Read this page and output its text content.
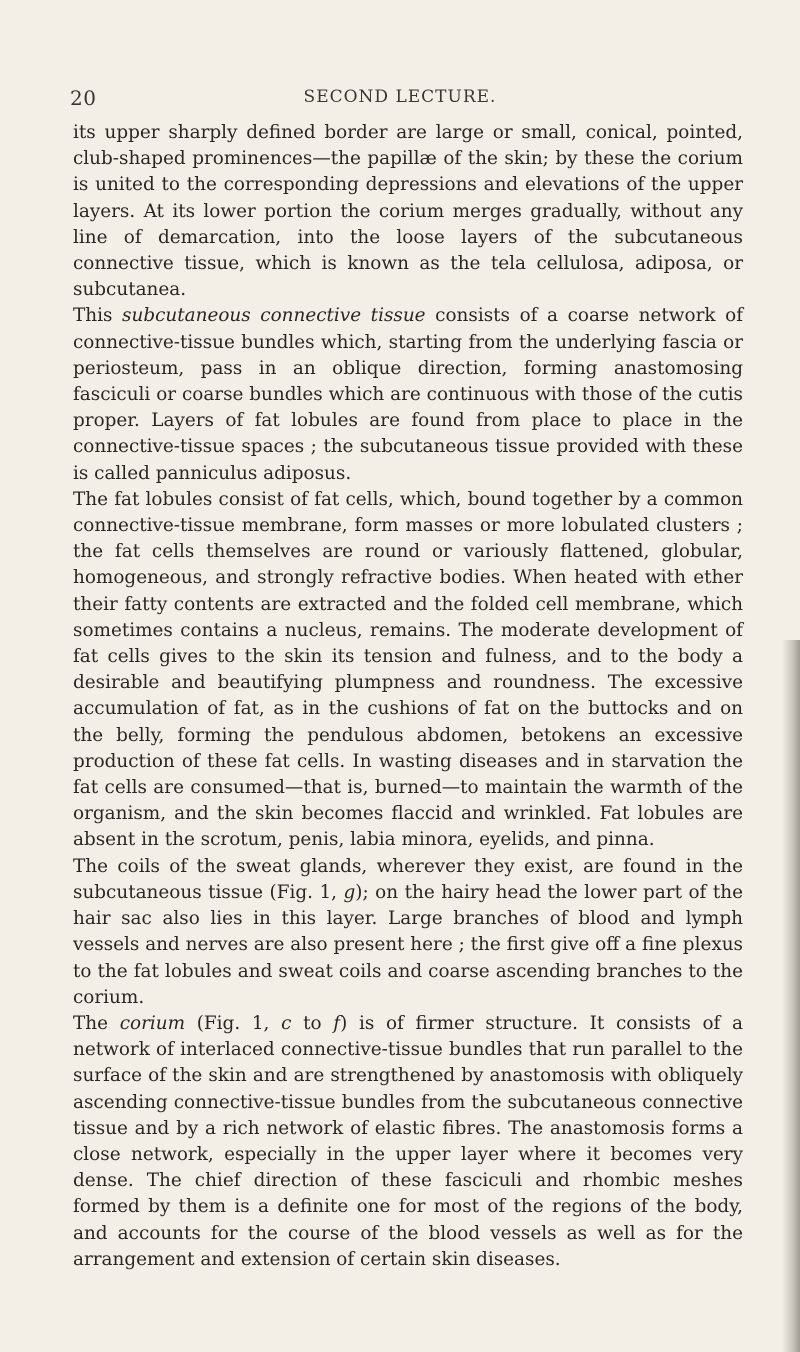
20	SECOND LECTURE.

its upper sharply defined border are large or small, conical, pointed, club-shaped prominences—the papillæ of the skin; by these the corium is united to the corresponding depressions and elevations of the upper layers. At its lower portion the corium merges gradually, without any line of demarcation, into the loose layers of the subcutaneous connective tissue, which is known as the tela cellulosa, adiposa, or subcutanea.

This subcutaneous connective tissue consists of a coarse network of connective-tissue bundles which, starting from the underlying fascia or periosteum, pass in an oblique direction, forming anastomosing fasciculi or coarse bundles which are continuous with those of the cutis proper. Layers of fat lobules are found from place to place in the connective-tissue spaces ; the subcutaneous tissue provided with these is called panniculus adiposus.

The fat lobules consist of fat cells, which, bound together by a common connective-tissue membrane, form masses or more lobulated clusters ; the fat cells themselves are round or variously flattened, globular, homogeneous, and strongly refractive bodies. When heated with ether their fatty contents are extracted and the folded cell membrane, which sometimes contains a nucleus, remains. The moderate development of fat cells gives to the skin its tension and fulness, and to the body a desirable and beautifying plumpness and roundness. The excessive accumulation of fat, as in the cushions of fat on the buttocks and on the belly, forming the pendulous abdomen, betokens an excessive production of these fat cells. In wasting diseases and in starvation the fat cells are consumed—that is, burned—to maintain the warmth of the organism, and the skin becomes flaccid and wrinkled. Fat lobules are absent in the scrotum, penis, labia minora, eyelids, and pinna.

The coils of the sweat glands, wherever they exist, are found in the subcutaneous tissue (Fig. 1, g); on the hairy head the lower part of the hair sac also lies in this layer. Large branches of blood and lymph vessels and nerves are also present here ; the first give off a fine plexus to the fat lobules and sweat coils and coarse ascending branches to the corium.

The corium (Fig. 1, c to f) is of firmer structure. It consists of a network of interlaced connective-tissue bundles that run parallel to the surface of the skin and are strengthened by anastomosis with obliquely ascending connective-tissue bundles from the subcutaneous connective tissue and by a rich network of elastic fibres. The anastomosis forms a close network, especially in the upper layer where it becomes very dense. The chief direction of these fasciculi and rhombic meshes formed by them is a definite one for most of the regions of the body, and accounts for the course of the blood vessels as well as for the arrangement and extension of certain skin diseases.
